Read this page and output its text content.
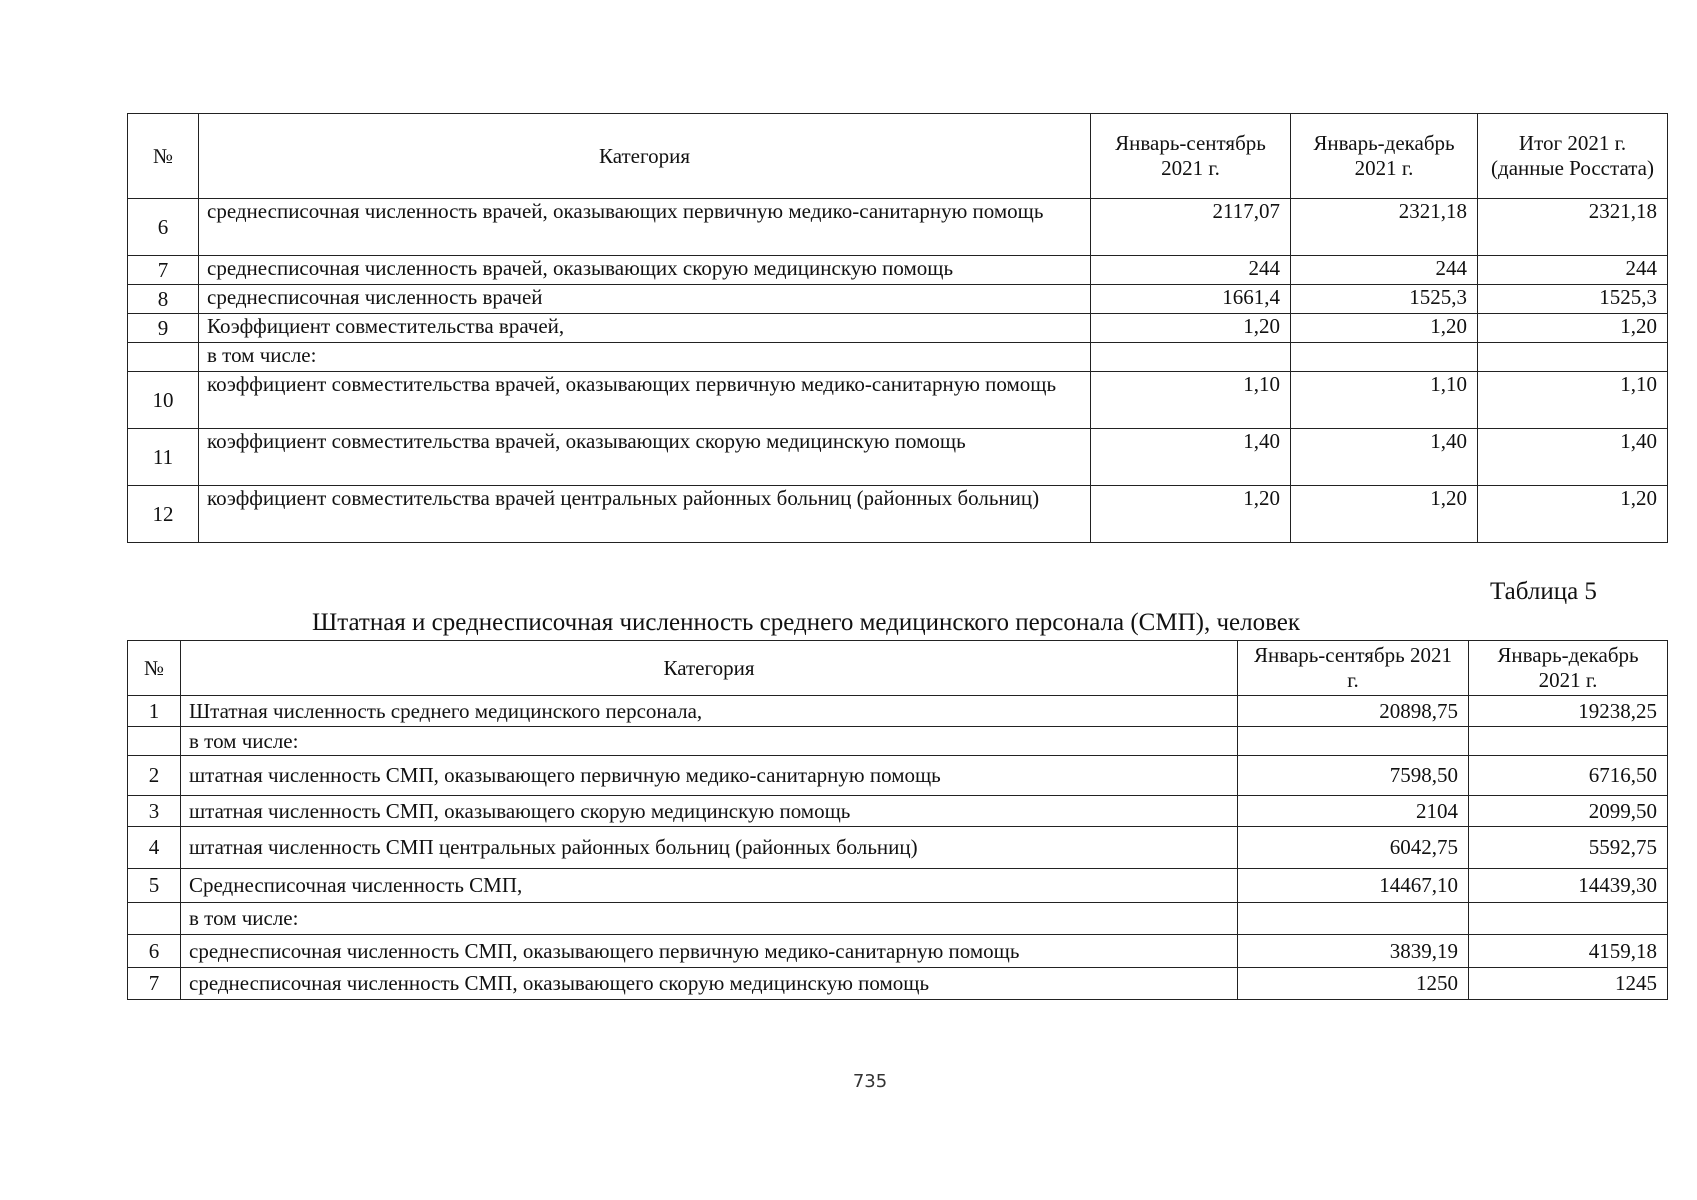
№	Категория	Январь-сентябрь 2021 г.	Январь-декабрь 2021 г.	Итог 2021 г. (данные Росстата)
6	среднесписочная численность врачей, оказывающих первичную медико-санитарную помощь	2117,07	2321,18	2321,18
7	среднесписочная численность врачей, оказывающих скорую медицинскую помощь	244	244	244
8	среднесписочная численность врачей	1661,4	1525,3	1525,3
9	Коэффициент совместительства врачей,	1,20	1,20	1,20
	в том числе:			
10	коэффициент совместительства врачей, оказывающих первичную медико-санитарную помощь	1,10	1,10	1,10
11	коэффициент совместительства врачей, оказывающих скорую медицинскую помощь	1,40	1,40	1,40
12	коэффициент совместительства врачей центральных районных больниц (районных больниц)	1,20	1,20	1,20
Таблица 5
Штатная и среднесписочная численность среднего медицинского персонала (СМП), человек
№	Категория	Январь-сентябрь 2021 г.	Январь-декабрь 2021 г.
1	Штатная численность среднего медицинского персонала,	20898,75	19238,25
	в том числе:		
2	штатная численность СМП, оказывающего первичную медико-санитарную помощь	7598,50	6716,50
3	штатная численность СМП, оказывающего скорую медицинскую помощь	2104	2099,50
4	штатная численность СМП центральных районных больниц (районных больниц)	6042,75	5592,75
5	Среднесписочная численность СМП,	14467,10	14439,30
	в том числе:		
6	среднесписочная численность СМП, оказывающего первичную медико-санитарную помощь	3839,19	4159,18
7	среднесписочная численность СМП, оказывающего скорую медицинскую помощь	1250	1245
735
